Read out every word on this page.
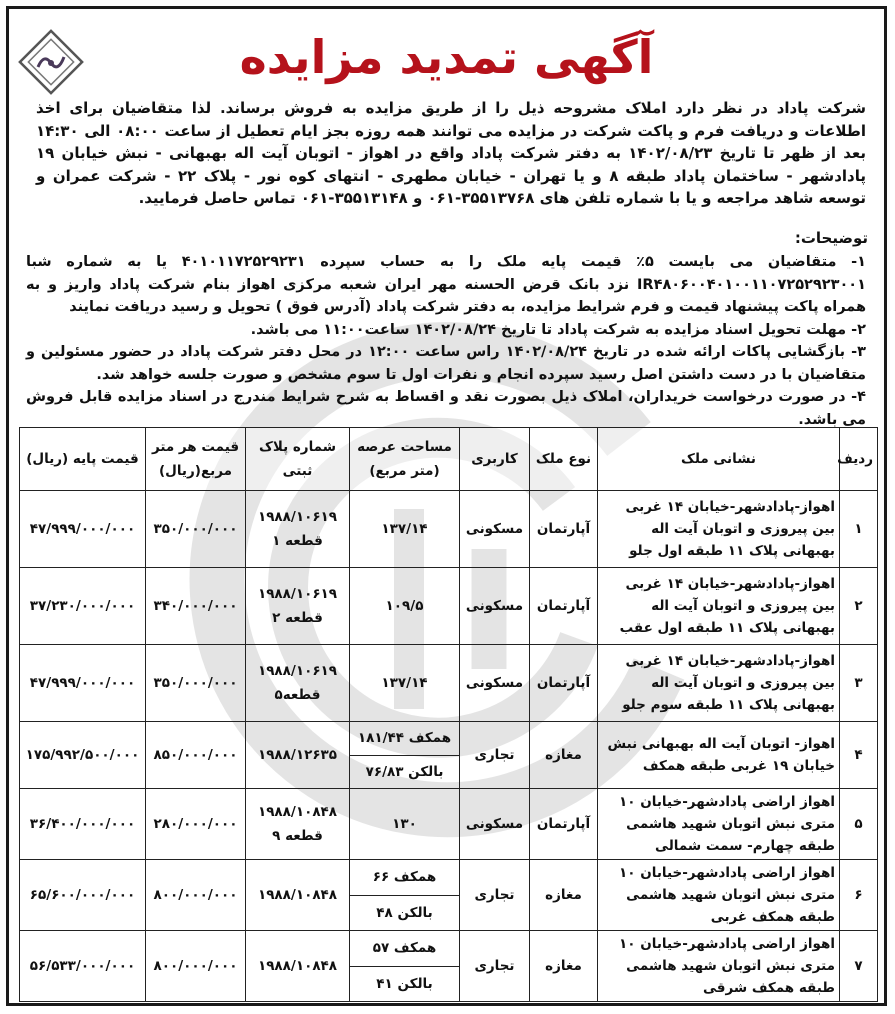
آگهی تمدید مزایده
شرکت پاداد در نظر دارد املاک مشروحه ذیل را از طریق مزایده به فروش برساند. لذا متقاضیان برای اخذ اطلاعات و دریافت فرم و پاکت شرکت در مزایده می توانند همه روزه بجز ایام تعطیل از ساعت ۰۸:۰۰ الی ۱۴:۳۰ بعد از ظهر تا تاریخ ۱۴۰۲/۰۸/۲۳ به دفتر شرکت پاداد واقع در اهواز - اتوبان آیت اله بهبهانی - نبش خیابان ۱۹ پادادشهر - ساختمان پاداد طبقه ۸ و یا تهران - خیابان مطهری - انتهای کوه نور - پلاک ۲۲ - شرکت عمران و توسعه شاهد مراجعه و یا با شماره تلفن های ۳۵۵۱۳۷۶۸-۰۶۱ و ۳۵۵۱۳۱۴۸-۰۶۱ تماس حاصل فرمایید.
توضیحات:

۱- متقاضیان می بایست ۵٪ قیمت پایه ملک را به حساب سپرده ۴۰۱۰۱۱۷۲۵۲۹۲۳۱ یا به شماره شبا IR۴۸۰۶۰۰۴۰۱۰۰۱۱۰۷۲۵۲۹۲۳۰۰۱ نزد بانک قرض الحسنه مهر ایران شعبه مرکزی اهواز بنام شرکت پاداد واریز و به همراه پاکت پیشنهاد قیمت و فرم شرایط مزایده، به دفتر شرکت پاداد (آدرس فوق ) تحویل و رسید دریافت نمایند

۲- مهلت تحویل اسناد مزایده به شرکت پاداد تا تاریخ ۱۴۰۲/۰۸/۲۴ ساعت۱۱:۰۰ می باشد.

۳- بازگشایی پاکات ارائه شده در تاریخ ۱۴۰۲/۰۸/۲۴ راس ساعت ۱۲:۰۰ در محل دفتر شرکت پاداد در حضور مسئولین و متقاضیان با در دست داشتن اصل رسید سپرده انجام و نفرات اول تا سوم مشخص و صورت جلسه خواهد شد.

۴- در صورت درخواست خریداران، املاک ذیل بصورت نقد و اقساط به شرح شرایط مندرج در اسناد مزایده قابل فروش می باشد.

ردیف	نشانی ملک	نوع ملک	کاربری	مساحت عرصه
(متر مربع)	شماره پلاک
ثبتی	قیمت هر متر
مربع(ریال)	قیمت پایه (ریال)
۱	اهواز-پادادشهر-خیابان ۱۴ غربی بین پیروزی و اتوبان آیت اله بهبهانی پلاک ۱۱ طبقه اول جلو	آپارتمان	مسکونی	۱۳۷/۱۴	۱۹۸۸/۱۰۶۱۹
قطعه ۱	۳۵۰/۰۰۰/۰۰۰	۴۷/۹۹۹/۰۰۰/۰۰۰
۲	اهواز-پادادشهر-خیابان ۱۴ غربی بین پیروزی و اتوبان آیت اله بهبهانی پلاک ۱۱ طبقه اول عقب	آپارتمان	مسکونی	۱۰۹/۵	۱۹۸۸/۱۰۶۱۹
قطعه ۲	۳۴۰/۰۰۰/۰۰۰	۳۷/۲۳۰/۰۰۰/۰۰۰
۳	اهواز-پادادشهر-خیابان ۱۴ غربی بین پیروزی و اتوبان آیت اله بهبهانی پلاک ۱۱ طبقه سوم جلو	آپارتمان	مسکونی	۱۳۷/۱۴	۱۹۸۸/۱۰۶۱۹
قطعه۵	۳۵۰/۰۰۰/۰۰۰	۴۷/۹۹۹/۰۰۰/۰۰۰
۴	اهواز- اتوبان آیت اله بهبهانی نبش خیابان ۱۹ غربی طبقه همکف	مغازه	تجاری	همکف ۱۸۱/۴۴
بالکن ۷۶/۸۳	۱۹۸۸/۱۲۶۳۵	۸۵۰/۰۰۰/۰۰۰	۱۷۵/۹۹۲/۵۰۰/۰۰۰
۵	اهواز اراضی پادادشهر-خیابان ۱۰ متری نبش اتوبان شهید هاشمی طبقه چهارم- سمت شمالی	آپارتمان	مسکونی	۱۳۰	۱۹۸۸/۱۰۸۴۸
قطعه ۹	۲۸۰/۰۰۰/۰۰۰	۳۶/۴۰۰/۰۰۰/۰۰۰
۶	اهواز اراضی پادادشهر-خیابان ۱۰ متری نبش اتوبان شهید هاشمی طبقه همکف غربی	مغازه	تجاری	همکف ۶۶
بالکن ۴۸	۱۹۸۸/۱۰۸۴۸	۸۰۰/۰۰۰/۰۰۰	۶۵/۶۰۰/۰۰۰/۰۰۰
۷	اهواز اراضی پادادشهر-خیابان ۱۰ متری نبش اتوبان شهید هاشمی طبقه همکف شرقی	مغازه	تجاری	همکف ۵۷
بالکن ۴۱	۱۹۸۸/۱۰۸۴۸	۸۰۰/۰۰۰/۰۰۰	۵۶/۵۳۳/۰۰۰/۰۰۰
